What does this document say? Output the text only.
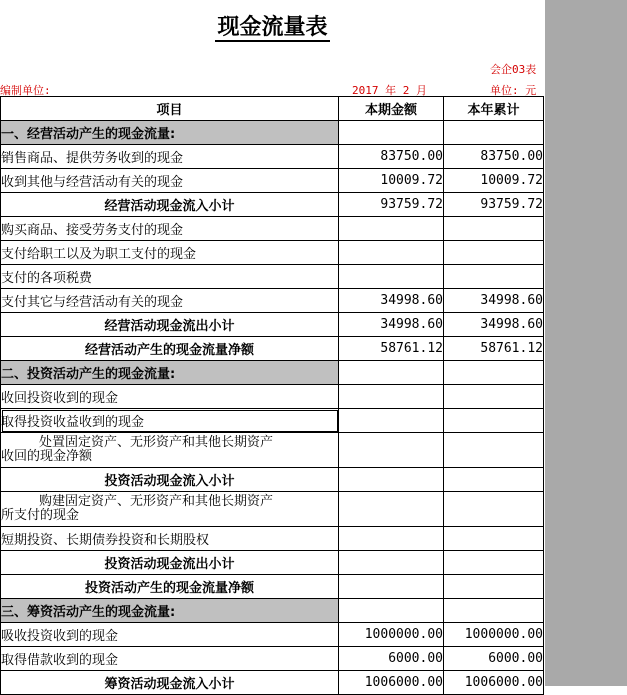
现金流量表
会企03表
编制单位:	2017 年 2 月	单位: 元
项目	本期金额	本年累计
一、经营活动产生的现金流量:		
销售商品、提供劳务收到的现金	83750.00	83750.00
收到其他与经营活动有关的现金	10009.72	10009.72
经营活动现金流入小计	93759.72	93759.72
购买商品、接受劳务支付的现金		
支付给职工以及为职工支付的现金		
支付的各项税费		
支付其它与经营活动有关的现金	34998.60	34998.60
经营活动现金流出小计	34998.60	34998.60
经营活动产生的现金流量净额	58761.12	58761.12
二、投资活动产生的现金流量:		
收回投资收到的现金		
取得投资收益收到的现金		

处置固定资产、无形资产和其他长期资产
收回的现金净额		
投资活动现金流入小计		

购建固定资产、无形资产和其他长期资产
所支付的现金		
短期投资、长期债券投资和长期股权		
投资活动现金流出小计		
投资活动产生的现金流量净额		
三、筹资活动产生的现金流量:		
吸收投资收到的现金	1000000.00	1000000.00
取得借款收到的现金	6000.00	6000.00
筹资活动现金流入小计	1006000.00	1006000.00
